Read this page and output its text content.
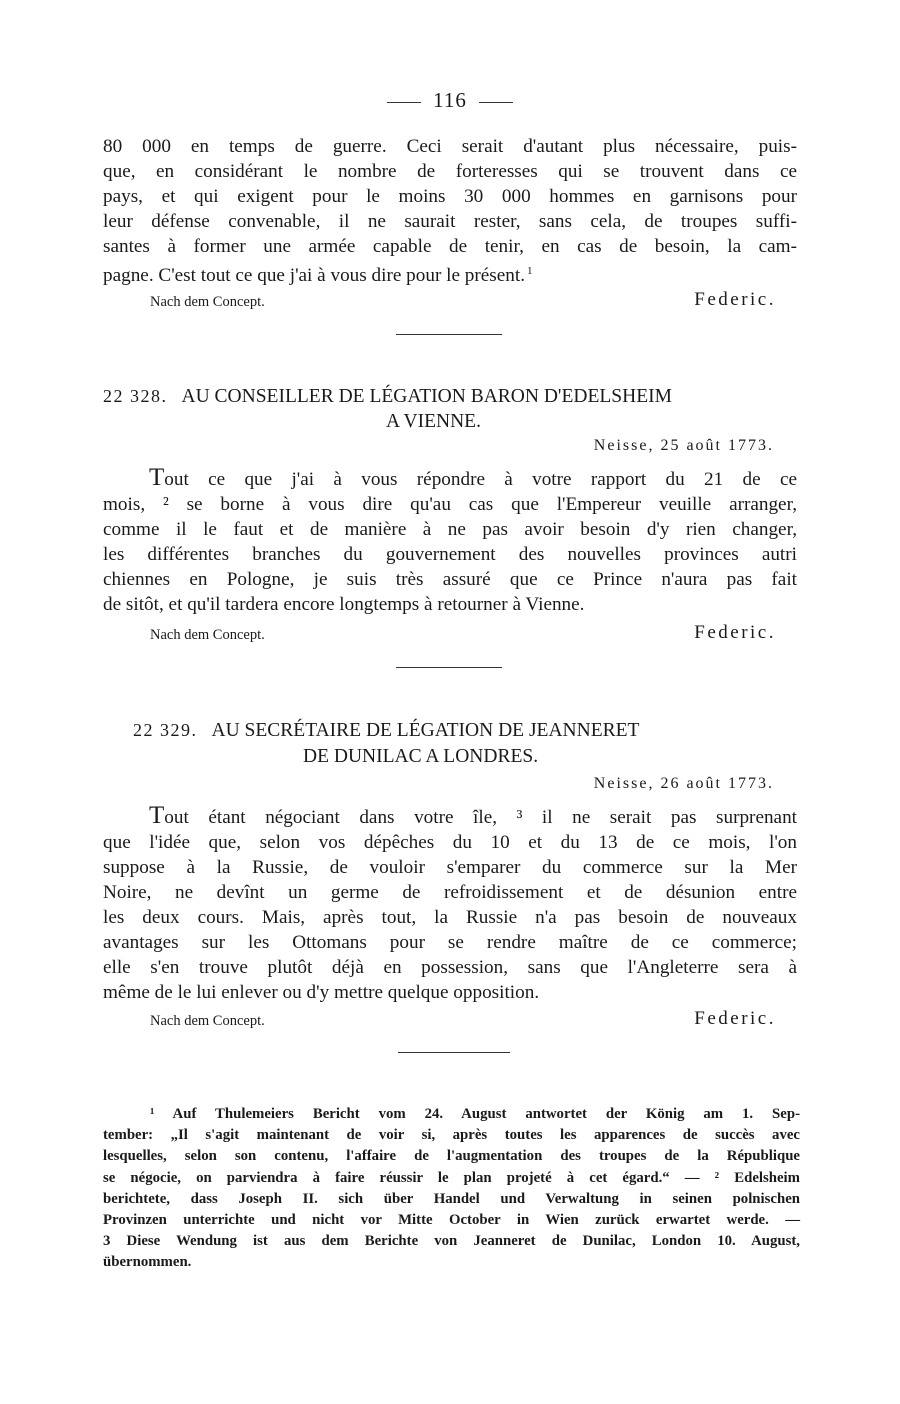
116
80 000 en temps de guerre. Ceci serait d'autant plus nécessaire, puis-
que, en considérant le nombre de forteresses qui se trouvent dans ce
pays, et qui exigent pour le moins 30 000 hommes en garnisons pour
leur défense convenable, il ne saurait rester, sans cela, de troupes suffi-
santes à former une armée capable de tenir, en cas de besoin, la cam-
pagne. C'est tout ce que j'ai à vous dire pour le présent. $^1$
Nach dem Concept.	Federic.
22 328. AU CONSEILLER DE LÉGATION BARON D'EDELSHEIM
A VIENNE.
Neisse, 25 août 1773.
Tout ce que j'ai à vous répondre à votre rapport du 21 de ce
mois, ² se borne à vous dire qu'au cas que l'Empereur veuille arranger,
comme il le faut et de manière à ne pas avoir besoin d'y rien changer,
les différentes branches du gouvernement des nouvelles provinces autri
chiennes en Pologne, je suis très assuré que ce Prince n'aura pas fait
de sitôt, et qu'il tardera encore longtemps à retourner à Vienne.
Nach dem Concept.	Federic.
22 329. AU SECRÉTAIRE DE LÉGATION DE JEANNERET
DE DUNILAC A LONDRES.
Neisse, 26 août 1773.
Tout étant négociant dans votre île, ³ il ne serait pas surprenant
que l'idée que, selon vos dépêches du 10 et du 13 de ce mois, l'on
suppose à la Russie, de vouloir s'emparer du commerce sur la Mer
Noire, ne devînt un germe de refroidissement et de désunion entre
les deux cours. Mais, après tout, la Russie n'a pas besoin de nouveaux
avantages sur les Ottomans pour se rendre maître de ce commerce;
elle s'en trouve plutôt déjà en possession, sans que l'Angleterre sera à
même de le lui enlever ou d'y mettre quelque opposition.
Nach dem Concept.	Federic.
¹ Auf Thulemeiers Bericht vom 24. August antwortet der König am 1. Sep-
tember: „Il s'agit maintenant de voir si, après toutes les apparences de succès avec
lesquelles, selon son contenu, l'affaire de l'augmentation des troupes de la République
se négocie, on parviendra à faire réussir le plan projeté à cet égard.“ — ² Edelsheim
berichtete, dass Joseph II. sich über Handel und Verwaltung in seinen polnischen
Provinzen unterrichte und nicht vor Mitte October in Wien zurück erwartet werde. —
3 Diese Wendung ist aus dem Berichte von Jeanneret de Dunilac, London 10. August,
übernommen.
